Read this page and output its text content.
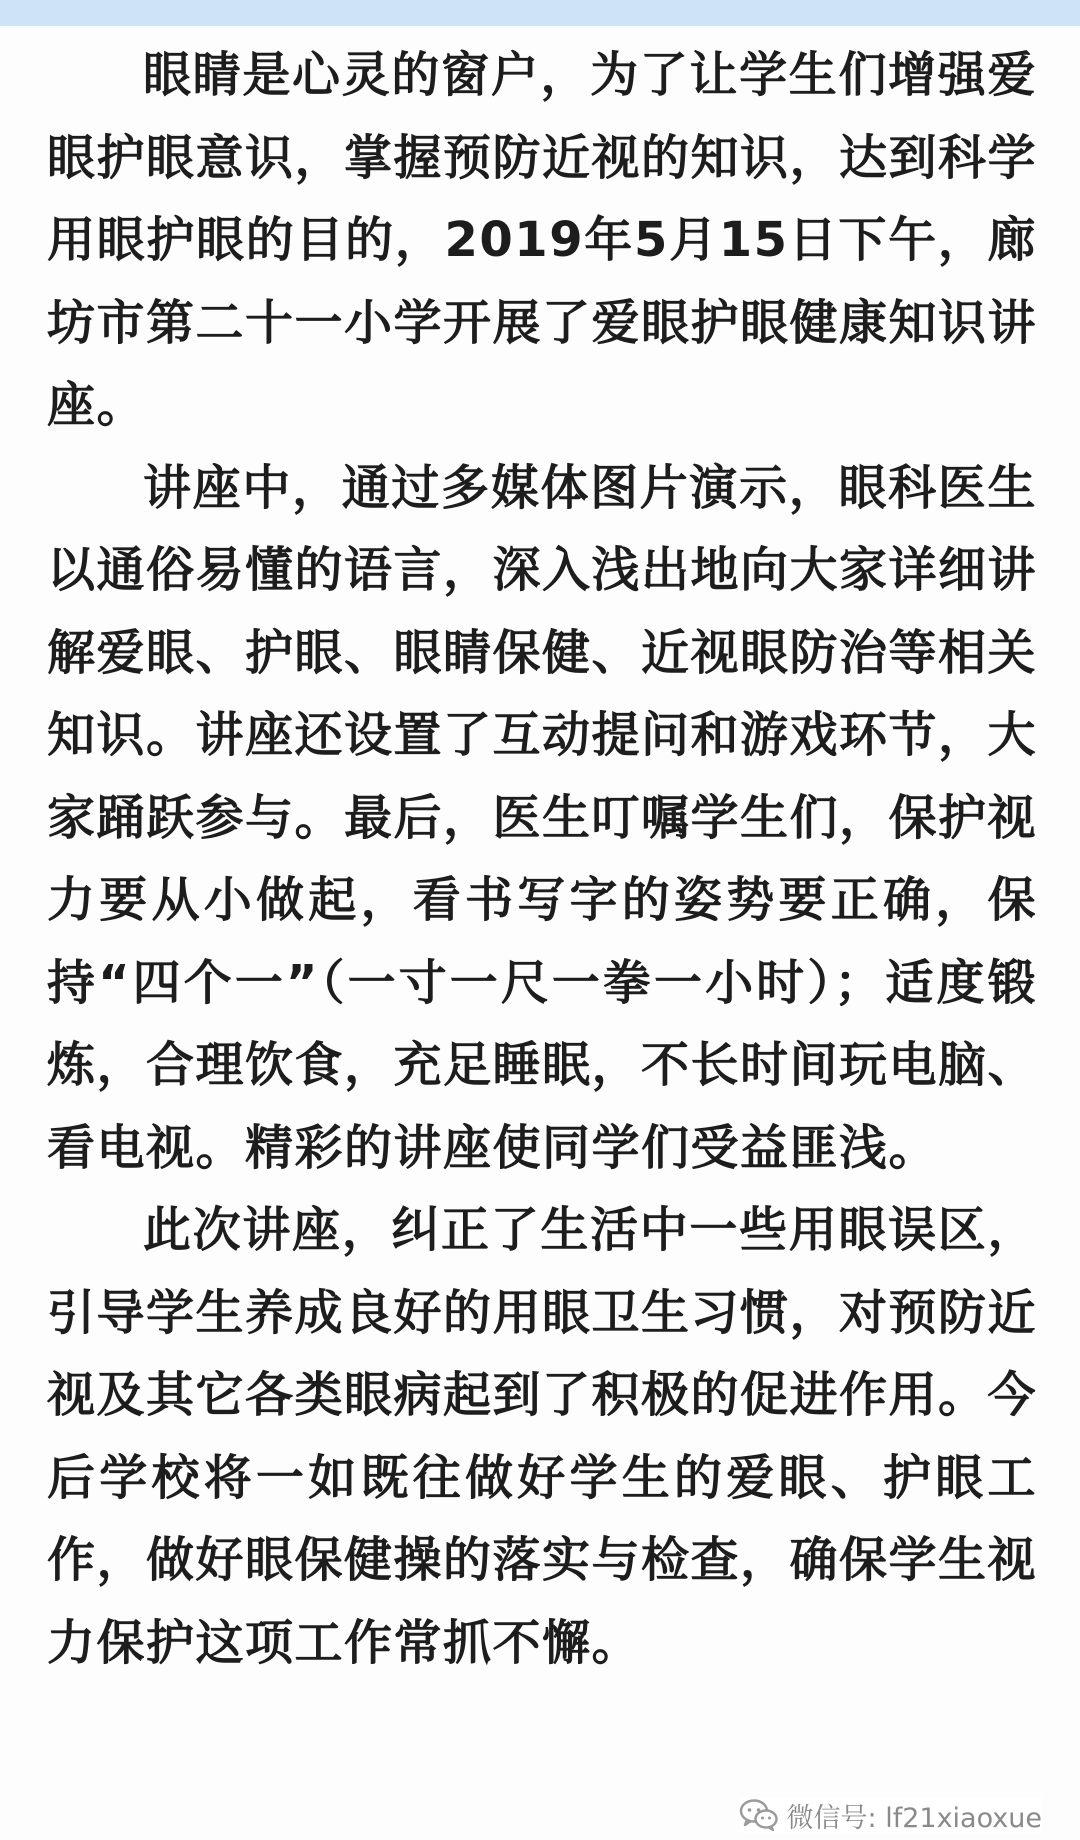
眼睛是心灵的窗户，为了让学生们增强爱眼护眼意识，掌握预防近视的知识，达到科学用眼护眼的目的，2019年5月15日下午，廊坊市第二十一小学开展了爱眼护眼健康知识讲座。

讲座中，通过多媒体图片演示，眼科医生以通俗易懂的语言，深入浅出地向大家详细讲解爱眼、护眼、眼睛保健、近视眼防治等相关知识。讲座还设置了互动提问和游戏环节，大家踊跃参与。最后，医生叮嘱学生们，保护视力要从小做起，看书写字的姿势要正确，保持“四个一”（一寸一尺一拳一小时）；适度锻炼，合理饮食，充足睡眠，不长时间玩电脑、看电视。精彩的讲座使同学们受益匪浅。

此次讲座，纠正了生活中一些用眼误区，引导学生养成良好的用眼卫生习惯，对预防近视及其它各类眼病起到了积极的促进作用。今后学校将一如既往做好学生的爱眼、护眼工作，做好眼保健操的落实与检查，确保学生视力保护这项工作常抓不懈。

微信号: lf21xiaoxue
